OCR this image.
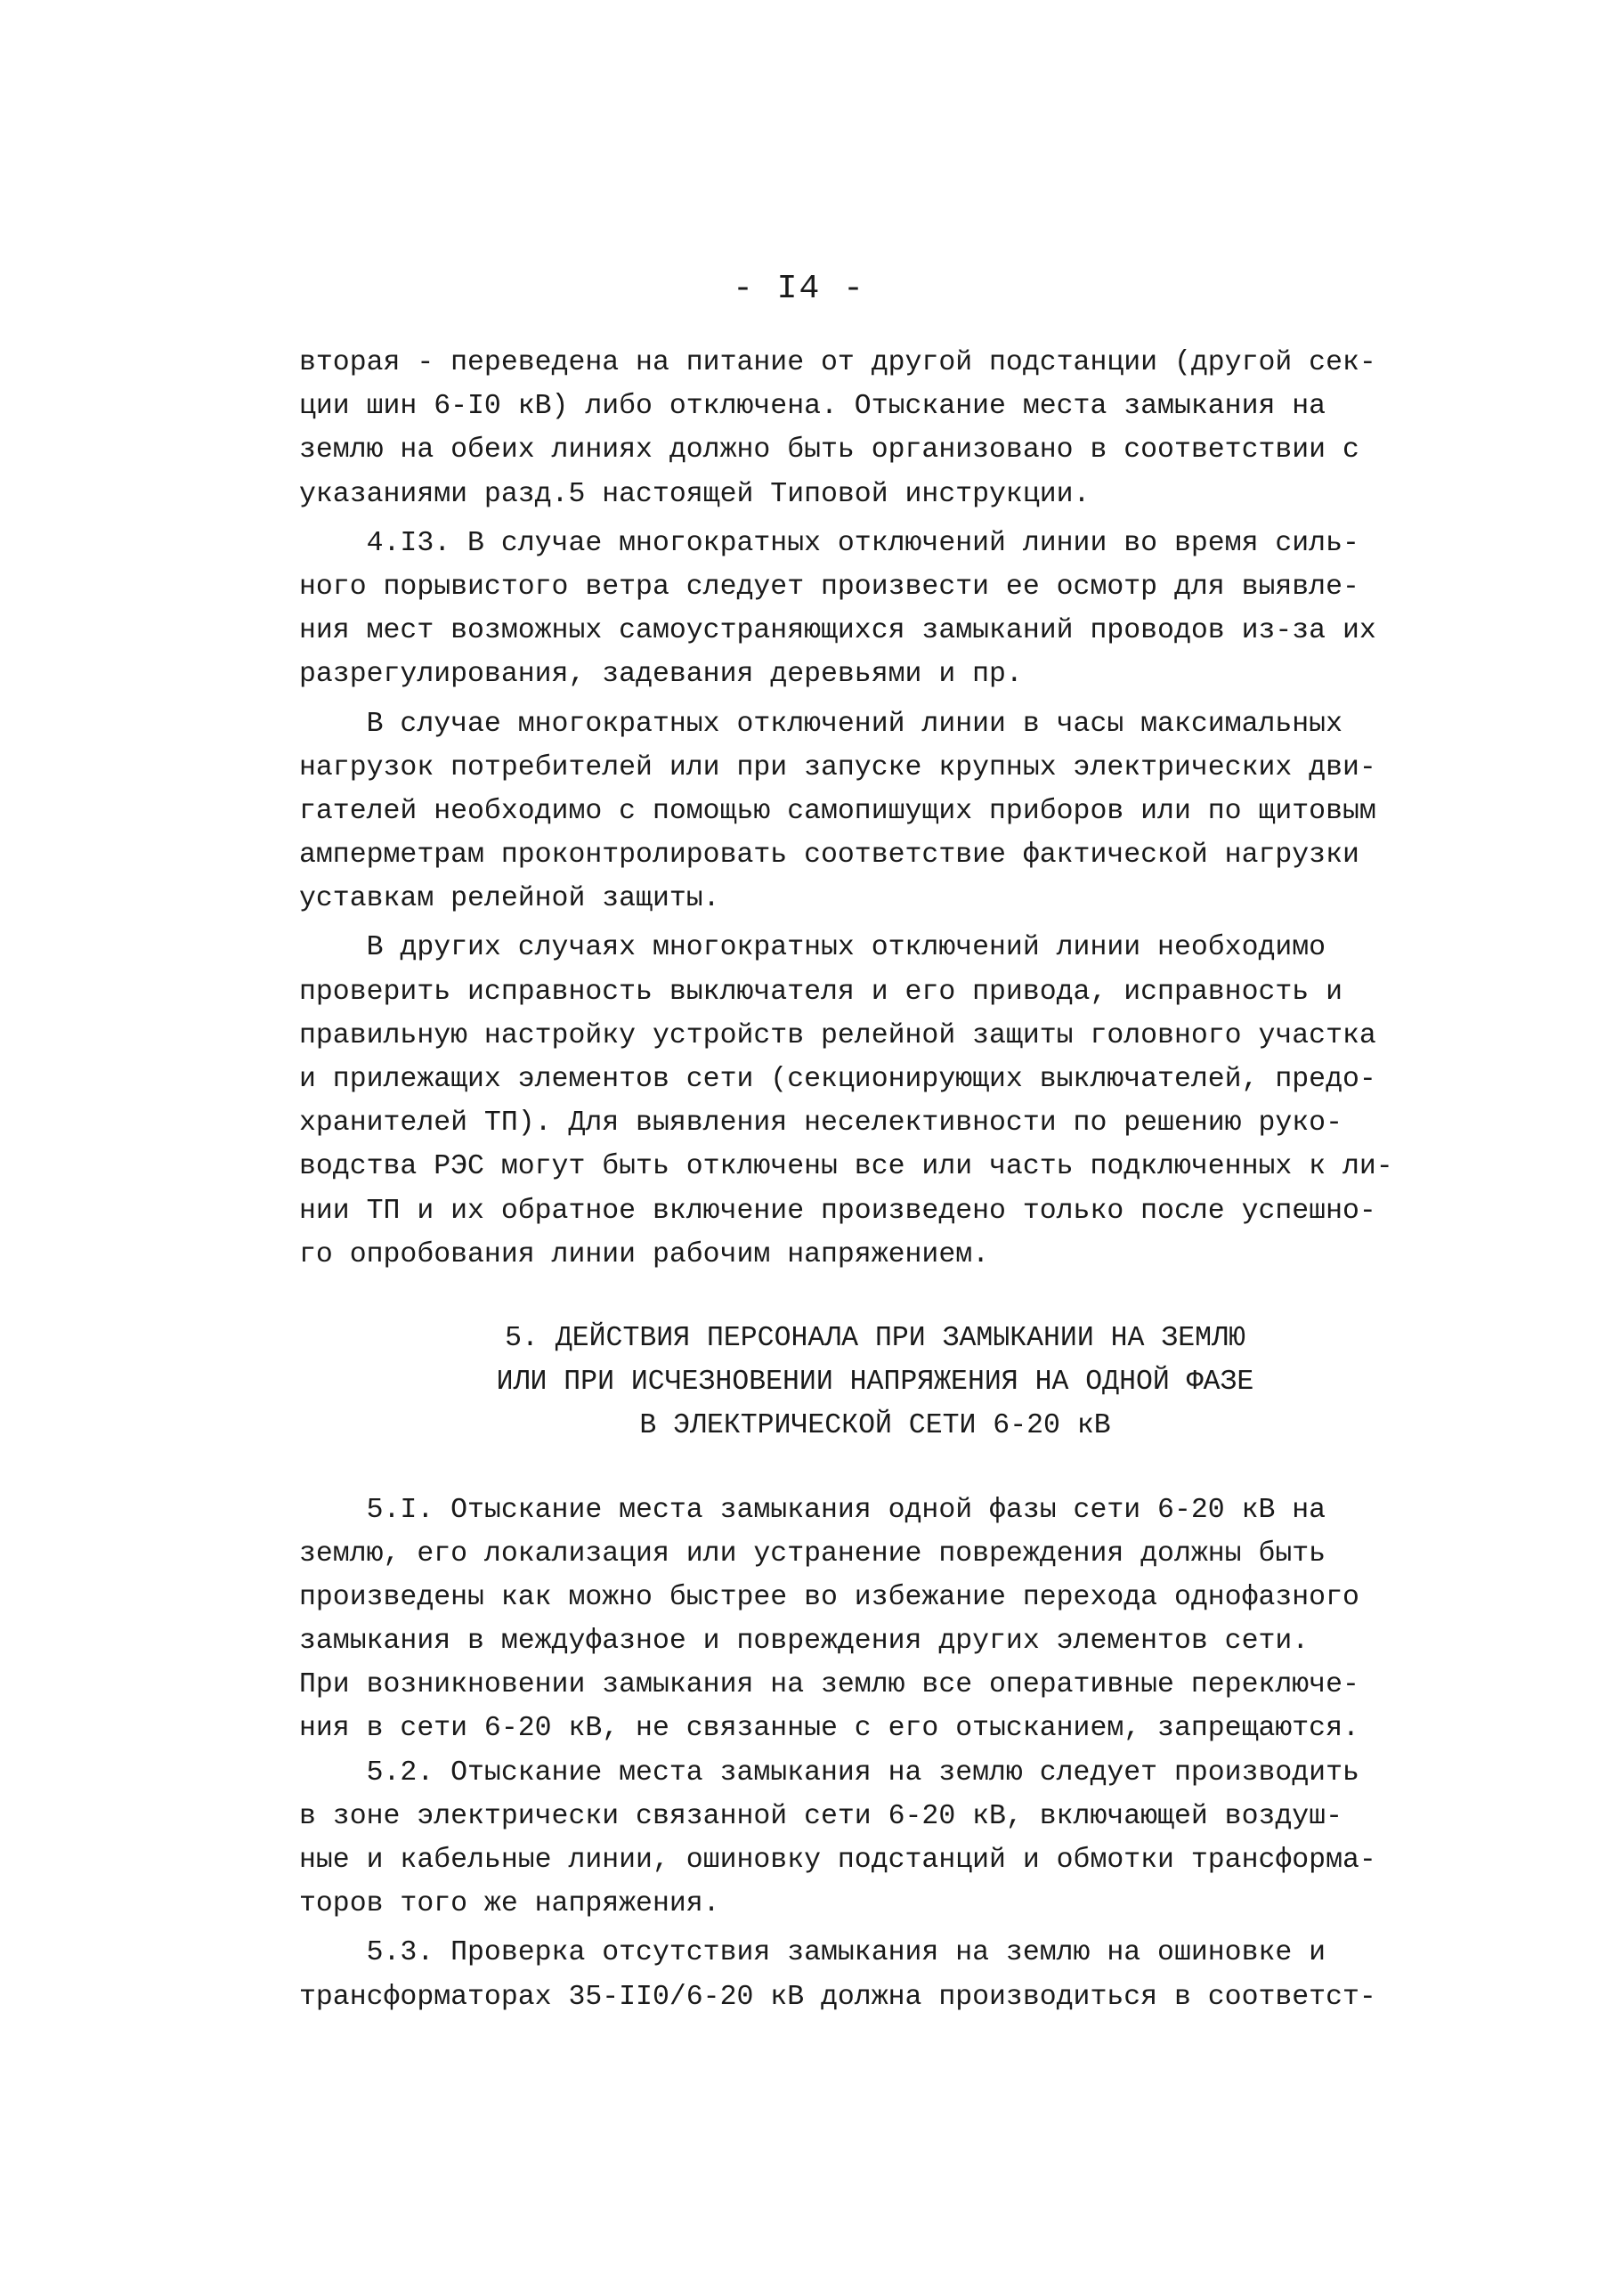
- I4 -
вторая - переведена на питание от другой подстанции (другой сек-
ции шин 6-I0 кВ) либо отключена. Отыскание места замыкания на
землю на обеих линиях должно быть организовано в соответствии с
указаниями разд.5 настоящей Типовой инструкции.
4.I3. В случае многократных отключений линии во время силь-
ного порывистого ветра следует произвести ее осмотр для выявле-
ния мест возможных самоустраняющихся замыканий проводов из-за их
разрегулирования, задевания деревьями и пр.
В случае многократных отключений линии в часы максимальных
нагрузок потребителей или при запуске крупных электрических дви-
гателей необходимо с помощью самопишущих приборов или по щитовым
амперметрам проконтролировать соответствие фактической нагрузки
уставкам релейной защиты.
В других случаях многократных отключений линии необходимо
проверить исправность выключателя и его привода, исправность и
правильную настройку устройств релейной защиты головного участка
и прилежащих элементов сети (секционирующих выключателей, предо-
хранителей ТП). Для выявления неселективности по решению руко-
водства РЭС могут быть отключены все или часть подключенных к ли-
нии ТП и их обратное включение произведено только после успешно-
го опробования линии рабочим напряжением.
5. ДЕЙСТВИЯ ПЕРСОНАЛА ПРИ ЗАМЫКАНИИ НА ЗЕМЛЮ
ИЛИ ПРИ ИСЧЕЗНОВЕНИИ НАПРЯЖЕНИЯ НА ОДНОЙ ФАЗЕ
В ЭЛЕКТРИЧЕСКОЙ СЕТИ 6-20 кВ
5.I. Отыскание места замыкания одной фазы сети 6-20 кВ на
землю, его локализация или устранение повреждения должны быть
произведены как можно быстрее во избежание перехода однофазного
замыкания в междуфазное и повреждения других элементов сети.
При возникновении замыкания на землю все оперативные переключе-
ния в сети 6-20 кВ, не связанные с его отысканием, запрещаются.
5.2. Отыскание места замыкания на землю следует производить
в зоне электрически связанной сети 6-20 кВ, включающей воздуш-
ные и кабельные линии, ошиновку подстанций и обмотки трансформа-
торов того же напряжения.
5.3. Проверка отсутствия замыкания на землю на ошиновке и
трансформаторах 35-II0/6-20 кВ должна производиться в соответст-
